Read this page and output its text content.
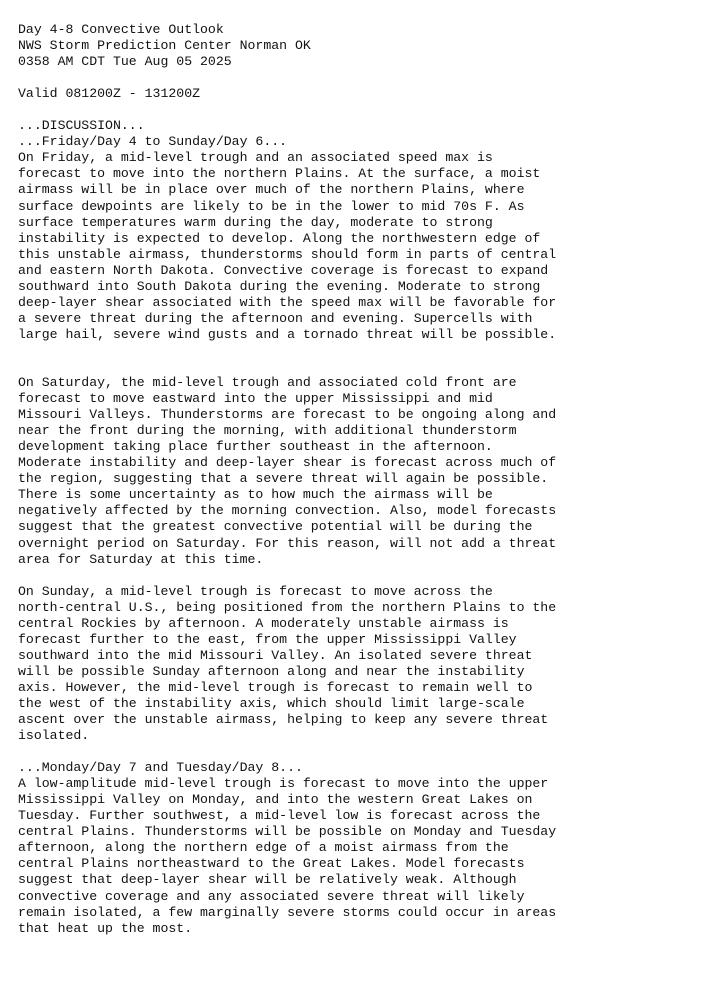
Day 4-8 Convective Outlook
NWS Storm Prediction Center Norman OK
0358 AM CDT Tue Aug 05 2025
Valid 081200Z - 131200Z
...DISCUSSION...
...Friday/Day 4 to Sunday/Day 6...
On Friday, a mid-level trough and an associated speed max is
forecast to move into the northern Plains. At the surface, a moist
airmass will be in place over much of the northern Plains, where
surface dewpoints are likely to be in the lower to mid 70s F. As
surface temperatures warm during the day, moderate to strong
instability is expected to develop. Along the northwestern edge of
this unstable airmass, thunderstorms should form in parts of central
and eastern North Dakota. Convective coverage is forecast to expand
southward into South Dakota during the evening. Moderate to strong
deep-layer shear associated with the speed max will be favorable for
a severe threat during the afternoon and evening. Supercells with
large hail, severe wind gusts and a tornado threat will be possible.
On Saturday, the mid-level trough and associated cold front are
forecast to move eastward into the upper Mississippi and mid
Missouri Valleys. Thunderstorms are forecast to be ongoing along and
near the front during the morning, with additional thunderstorm
development taking place further southeast in the afternoon.
Moderate instability and deep-layer shear is forecast across much of
the region, suggesting that a severe threat will again be possible.
There is some uncertainty as to how much the airmass will be
negatively affected by the morning convection. Also, model forecasts
suggest that the greatest convective potential will be during the
overnight period on Saturday. For this reason, will not add a threat
area for Saturday at this time.
On Sunday, a mid-level trough is forecast to move across the
north-central U.S., being positioned from the northern Plains to the
central Rockies by afternoon. A moderately unstable airmass is
forecast further to the east, from the upper Mississippi Valley
southward into the mid Missouri Valley. An isolated severe threat
will be possible Sunday afternoon along and near the instability
axis. However, the mid-level trough is forecast to remain well to
the west of the instability axis, which should limit large-scale
ascent over the unstable airmass, helping to keep any severe threat
isolated.
...Monday/Day 7 and Tuesday/Day 8...
A low-amplitude mid-level trough is forecast to move into the upper
Mississippi Valley on Monday, and into the western Great Lakes on
Tuesday. Further southwest, a mid-level low is forecast across the
central Plains. Thunderstorms will be possible on Monday and Tuesday
afternoon, along the northern edge of a moist airmass from the
central Plains northeastward to the Great Lakes. Model forecasts
suggest that deep-layer shear will be relatively weak. Although
convective coverage and any associated severe threat will likely
remain isolated, a few marginally severe storms could occur in areas
that heat up the most.
